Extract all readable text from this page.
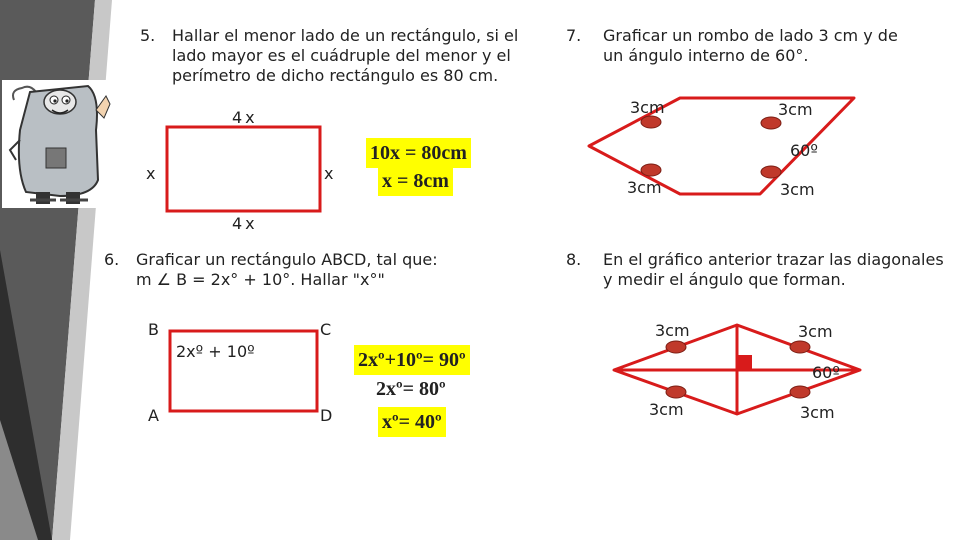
5. Hallar el menor lado de un rectángulo, si el lado mayor es el cuádruple del menor y el perímetro de dicho rectángulo es 80 cm.
4x
4x
x	x
10x = 80cm
x = 8cm
6. Graficar un rectángulo ABCD, tal que:
m ∠ B = 2x° + 10°. Hallar "x°"
B	C
A	D
2xº + 10º	2xº+10º= 90º
2xº= 80º
xº= 40º
7. Graficar un rombo de lado 3 cm y de un ángulo interno de 60°.
3cm	3cm
3cm	3cm
60º
8. En el gráfico anterior trazar las diagonales y medir el ángulo que forman.
3cm	3cm
3cm	3cm
60º
